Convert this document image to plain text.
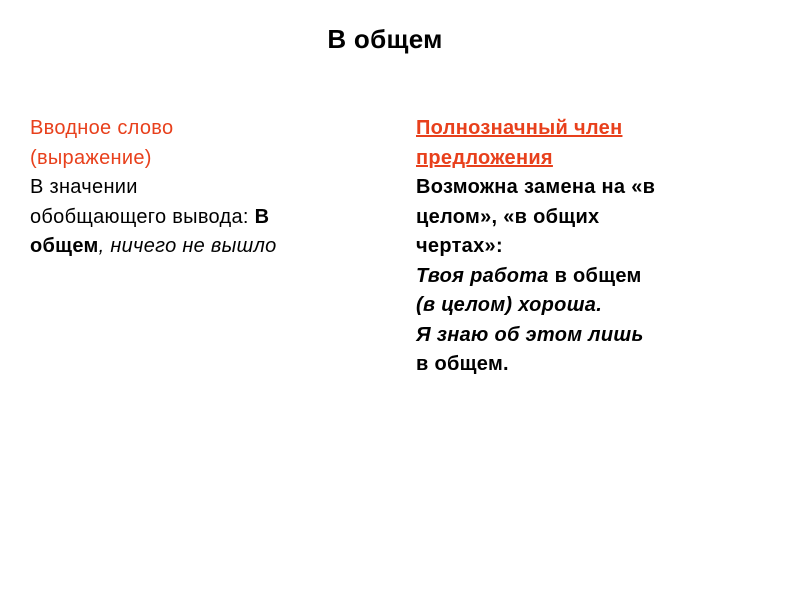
В общем
Вводное слово
(выражение)
В значении
обобщающего вывода: В
общем, ничего не вышло
Полнозначный член
предложения
Возможна замена на «в
целом», «в общих
чертах»:
Твоя работа в общем
(в целом) хороша.
Я знаю об этом лишь
в общем.
